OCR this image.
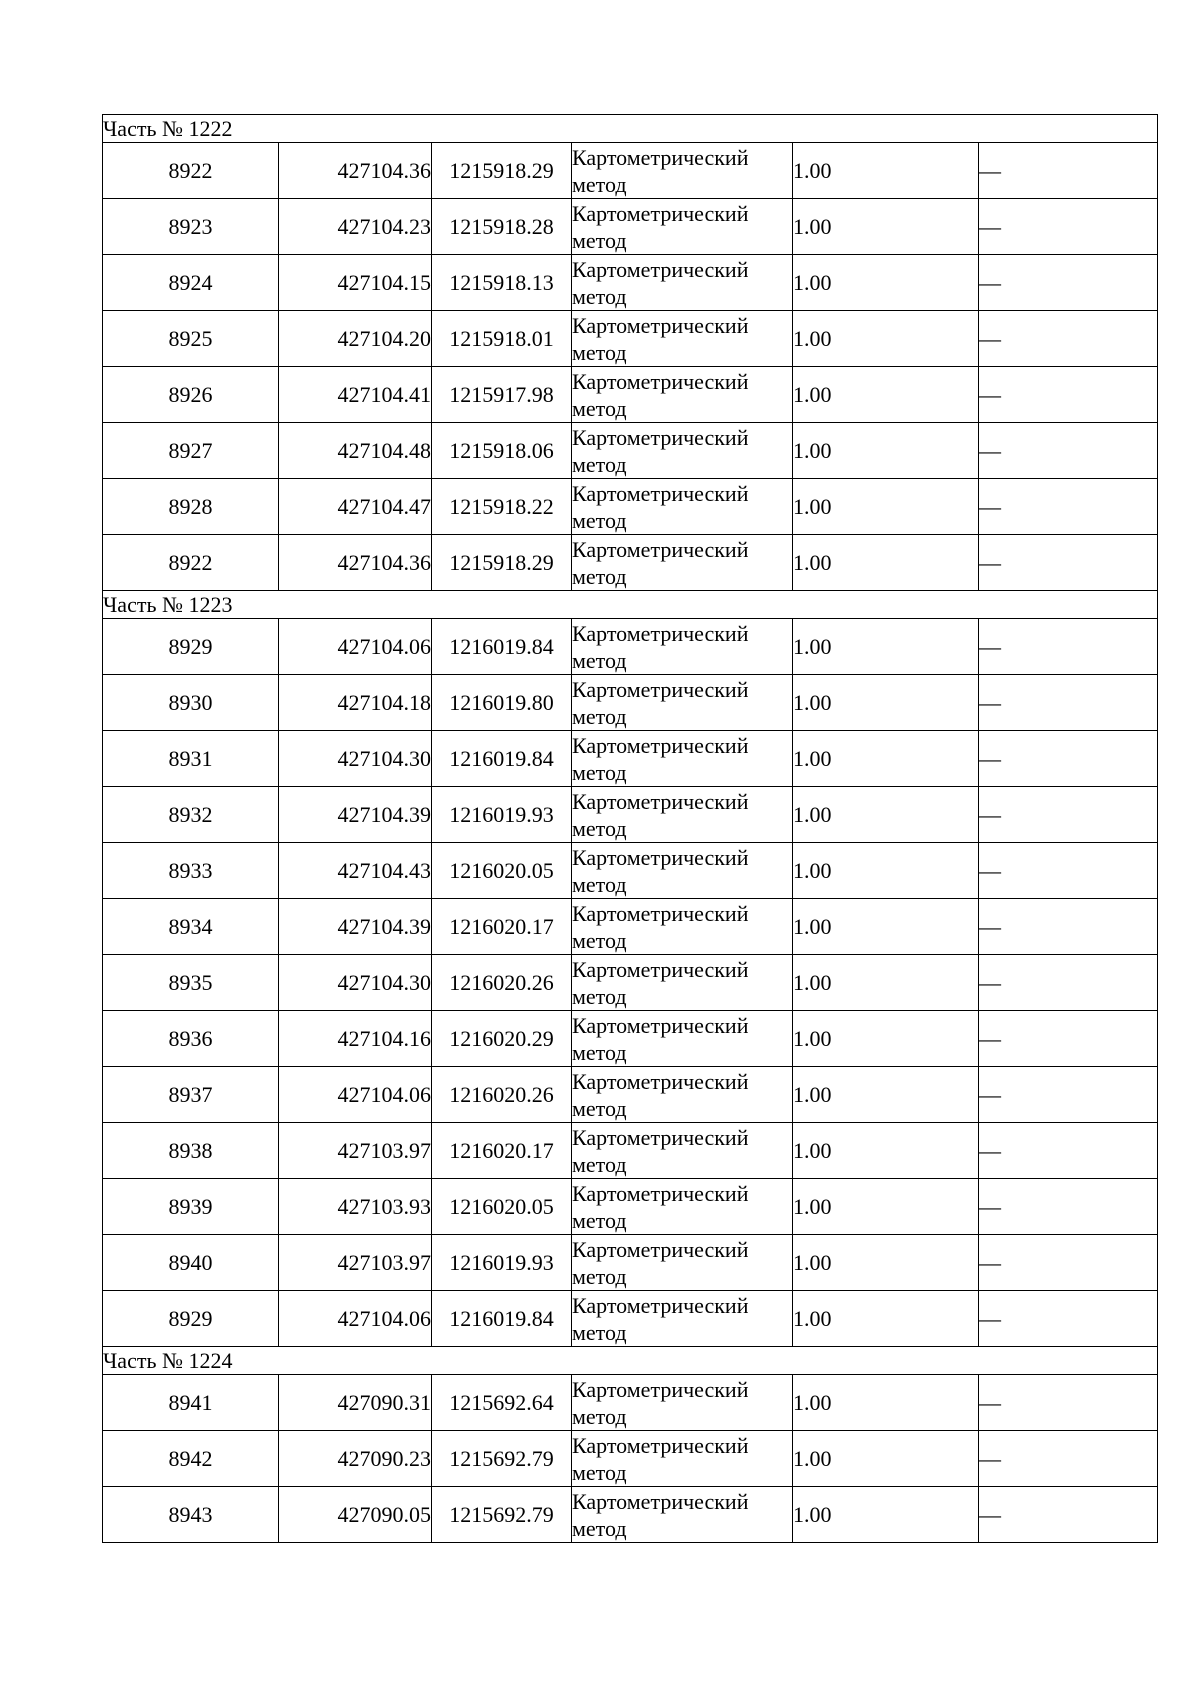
Часть № 1222					
8922	427104.36	1215918.29	Картометрический метод	1.00	—
8923	427104.23	1215918.28	Картометрический метод	1.00	—
8924	427104.15	1215918.13	Картометрический метод	1.00	—
8925	427104.20	1215918.01	Картометрический метод	1.00	—
8926	427104.41	1215917.98	Картометрический метод	1.00	—
8927	427104.48	1215918.06	Картометрический метод	1.00	—
8928	427104.47	1215918.22	Картометрический метод	1.00	—
8922	427104.36	1215918.29	Картометрический метод	1.00	—
Часть № 1223					
8929	427104.06	1216019.84	Картометрический метод	1.00	—
8930	427104.18	1216019.80	Картометрический метод	1.00	—
8931	427104.30	1216019.84	Картометрический метод	1.00	—
8932	427104.39	1216019.93	Картометрический метод	1.00	—
8933	427104.43	1216020.05	Картометрический метод	1.00	—
8934	427104.39	1216020.17	Картометрический метод	1.00	—
8935	427104.30	1216020.26	Картометрический метод	1.00	—
8936	427104.16	1216020.29	Картометрический метод	1.00	—
8937	427104.06	1216020.26	Картометрический метод	1.00	—
8938	427103.97	1216020.17	Картометрический метод	1.00	—
8939	427103.93	1216020.05	Картометрический метод	1.00	—
8940	427103.97	1216019.93	Картометрический метод	1.00	—
8929	427104.06	1216019.84	Картометрический метод	1.00	—
Часть № 1224					
8941	427090.31	1215692.64	Картометрический метод	1.00	—
8942	427090.23	1215692.79	Картометрический метод	1.00	—
8943	427090.05	1215692.79	Картометрический метод	1.00	—
